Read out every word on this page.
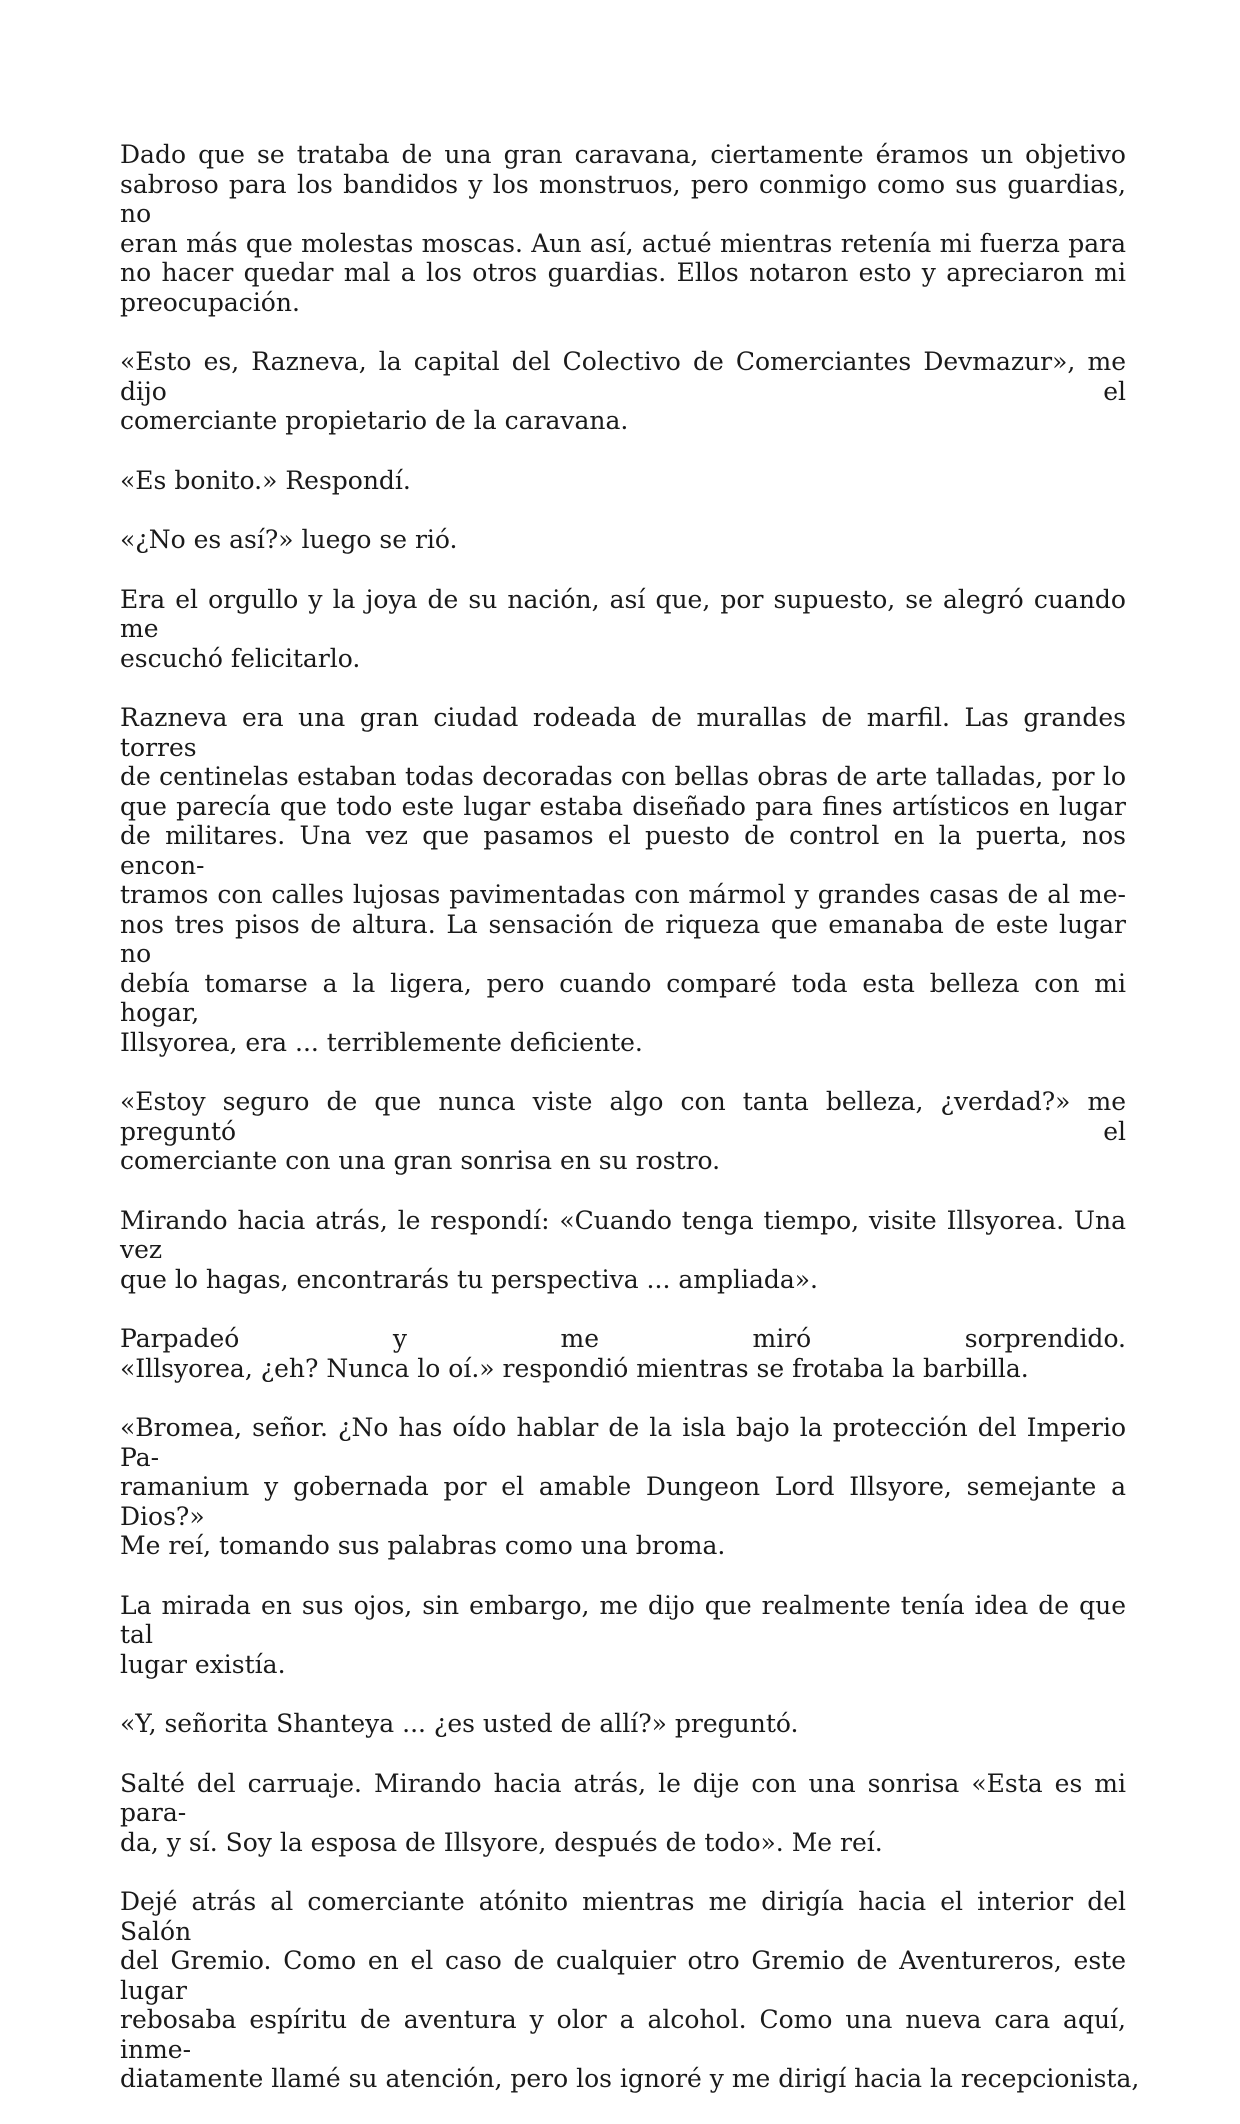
Dado que se trataba de una gran caravana, ciertamente éramos un objetivo
sabroso para los bandidos y los monstruos, pero conmigo como sus guardias, no
eran más que molestas moscas. Aun así, actué mientras retenía mi fuerza para
no hacer quedar mal a los otros guardias. Ellos notaron esto y apreciaron mi
preocupación.
«Esto es, Razneva, la capital del Colectivo de Comerciantes Devmazur», me dijo el
comerciante propietario de la caravana.
«Es bonito.» Respondí.
«¿No es así?» luego se rió.
Era el orgullo y la joya de su nación, así que, por supuesto, se alegró cuando me
escuchó felicitarlo.
Razneva era una gran ciudad rodeada de murallas de marfil. Las grandes torres
de centinelas estaban todas decoradas con bellas obras de arte talladas, por lo
que parecía que todo este lugar estaba diseñado para fines artísticos en lugar
de militares. Una vez que pasamos el puesto de control en la puerta, nos encon-
tramos con calles lujosas pavimentadas con mármol y grandes casas de al me-
nos tres pisos de altura. La sensación de riqueza que emanaba de este lugar no
debía tomarse a la ligera, pero cuando comparé toda esta belleza con mi hogar,
Illsyorea, era ... terriblemente deficiente.
«Estoy seguro de que nunca viste algo con tanta belleza, ¿verdad?» me preguntó el
comerciante con una gran sonrisa en su rostro.
Mirando hacia atrás, le respondí: «Cuando tenga tiempo, visite Illsyorea. Una vez
que lo hagas, encontrarás tu perspectiva ... ampliada».
Parpadeó y me miró sorprendido.
«Illsyorea, ¿eh? Nunca lo oí.» respondió mientras se frotaba la barbilla.
«Bromea, señor. ¿No has oído hablar de la isla bajo la protección del Imperio Pa-
ramanium y gobernada por el amable Dungeon Lord Illsyore, semejante a Dios?»
Me reí, tomando sus palabras como una broma.
La mirada en sus ojos, sin embargo, me dijo que realmente tenía idea de que tal
lugar existía.
«Y, señorita Shanteya ... ¿es usted de allí?» preguntó.
Salté del carruaje. Mirando hacia atrás, le dije con una sonrisa «Esta es mi para-
da, y sí. Soy la esposa de Illsyore, después de todo». Me reí.
Dejé atrás al comerciante atónito mientras me dirigía hacia el interior del Salón
del Gremio. Como en el caso de cualquier otro Gremio de Aventureros, este lugar
rebosaba espíritu de aventura y olor a alcohol. Como una nueva cara aquí, inme-
diatamente llamé su atención, pero los ignoré y me dirigí hacia la recepcionista,
